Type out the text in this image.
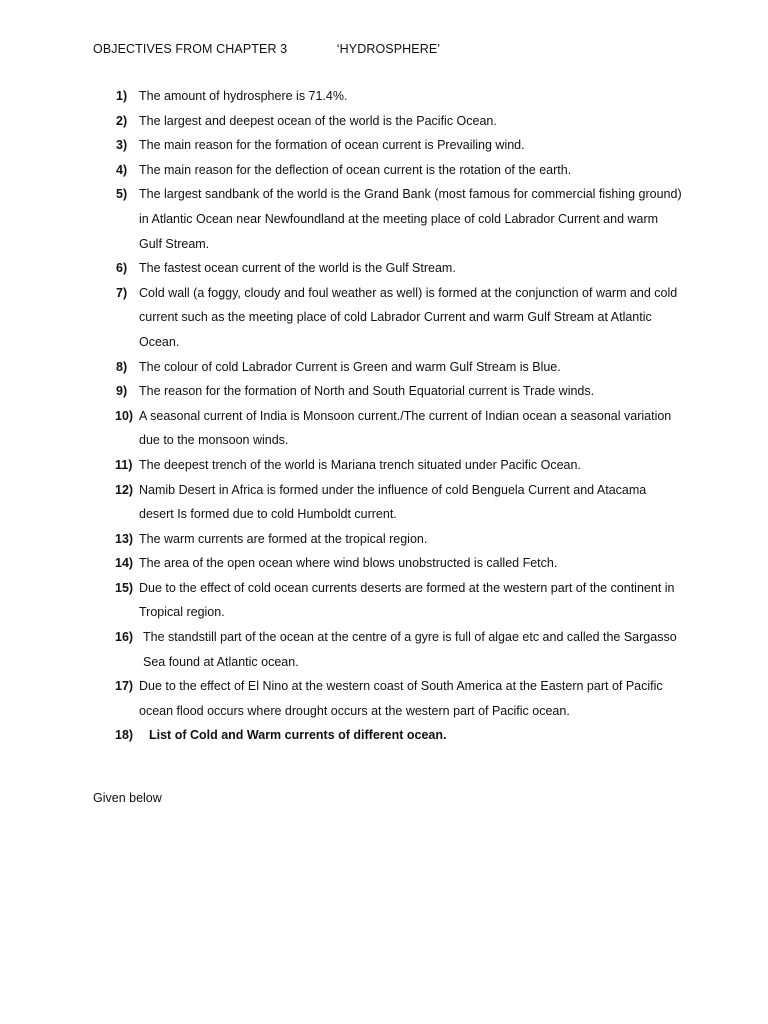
OBJECTIVES FROM CHAPTER 3	‘HYDROSPHERE’
1) The amount of hydrosphere is 71.4%.
2) The largest and deepest ocean of the world is the Pacific Ocean.
3) The main reason for the formation of ocean current is Prevailing wind.
4) The main reason for the deflection of ocean current is the rotation of the earth.
5) The largest sandbank of the world is the Grand Bank (most famous for commercial fishing ground) in Atlantic Ocean near Newfoundland at the meeting place of cold Labrador Current and warm Gulf Stream.
6) The fastest ocean current of the world is the Gulf Stream.
7) Cold wall (a foggy, cloudy and foul weather as well) is formed at the conjunction of warm and cold current such as the meeting place of cold Labrador Current and warm Gulf Stream at Atlantic Ocean.
8) The colour of cold Labrador Current is Green and warm Gulf Stream is Blue.
9) The reason for the formation of North and South Equatorial current is Trade winds.
10) A seasonal current of India is Monsoon current./The current of Indian ocean a seasonal variation due to the monsoon winds.
11) The deepest trench of the world is Mariana trench situated under Pacific Ocean.
12) Namib Desert in Africa is formed under the influence of cold Benguela Current and Atacama desert Is formed due to cold Humboldt current.
13) The warm currents are formed at the tropical region.
14) The area of the open ocean where wind blows unobstructed is called Fetch.
15) Due to the effect of cold ocean currents deserts are formed at the western part of the continent in Tropical region.
16) The standstill part of the ocean at the centre of a gyre is full of algae etc and called the Sargasso Sea found at Atlantic ocean.
17) Due to the effect of El Nino at the western coast of South America at the Eastern part of Pacific ocean flood occurs where drought occurs at the western part of Pacific ocean.
18)	List of Cold and Warm currents of different ocean.
Given below
